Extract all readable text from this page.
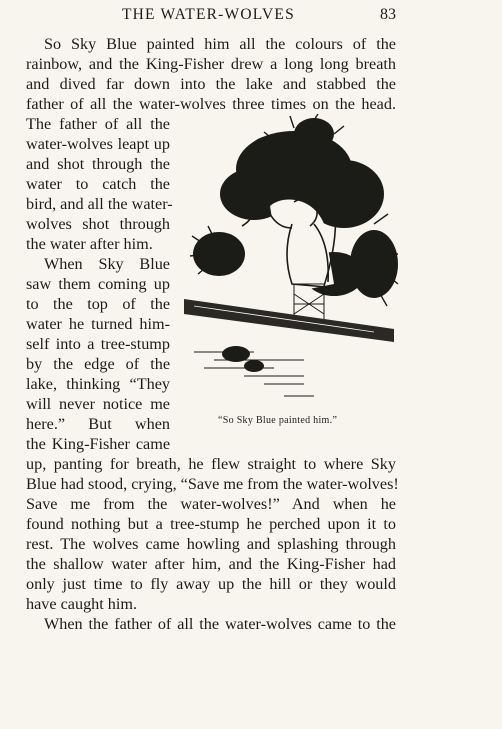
THE WATER-WOLVES	83
So Sky Blue painted him all the colours of the
rainbow, and the King-Fisher drew a long long breath
and dived far down into the lake and stabbed the
father of all the water-wolves three times on the head.
The father of all the
water-wolves leapt up
and shot through the
water to catch the
bird, and all the water-
wolves shot through
the water after him.
When Sky Blue
saw them coming up
to the top of the
water he turned him-
self into a tree-stump
by the edge of the
lake, thinking “They
will never notice me
here.” But when
the King-Fisher came
up, panting for breath, he flew straight to where Sky
Blue had stood, crying, “Save me from the water-wolves!
Save me from the water-wolves!” And when he
found nothing but a tree-stump he perched upon it to
rest. The wolves came howling and splashing through
the shallow water after him, and the King-Fisher had
only just time to fly away up the hill or they would
have caught him.
When the father of all the water-wolves came to the
“So Sky Blue painted him.”
